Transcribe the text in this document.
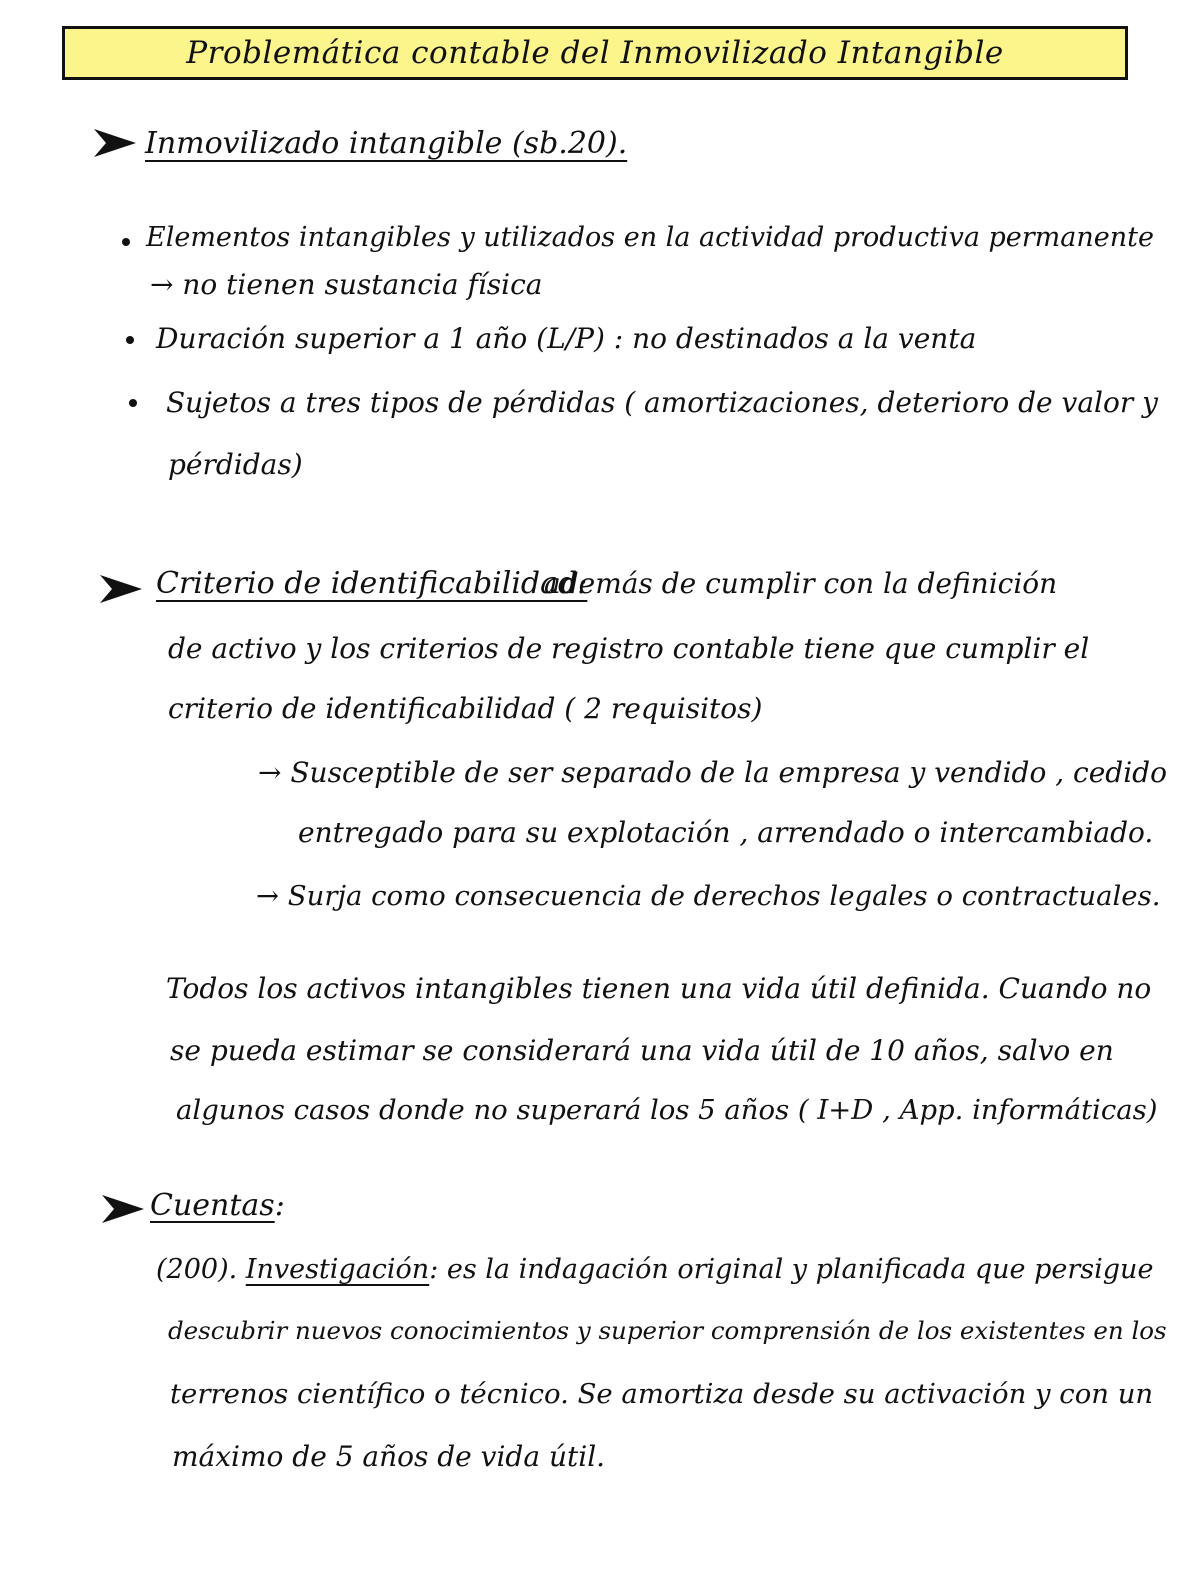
Problemática contable del Inmovilizado Intangible
Inmovilizado intangible (sb.20).
Elementos intangibles y utilizados en la actividad productiva permanente
→ no tienen sustancia física
Duración superior a 1 año (L/P) : no destinados a la venta
Sujetos a tres tipos de pérdidas ( amortizaciones, deterioro de valor y
pérdidas)
Criterio de identificabilidad:
además de cumplir con la definición
de activo y los criterios de registro contable tiene que cumplir el
criterio de identificabilidad ( 2 requisitos)
→ Susceptible de ser separado de la empresa y vendido , cedido
entregado para su explotación , arrendado o intercambiado.
→ Surja como consecuencia de derechos legales o contractuales.
Todos los activos intangibles tienen una vida útil definida. Cuando no
se pueda estimar se considerará una vida útil de 10 años, salvo en
algunos casos donde no superará los 5 años ( I+D , App. informáticas)
Cuentas:
(200). Investigación: es la indagación original y planificada que persigue
descubrir nuevos conocimientos y superior comprensión de los existentes en los
terrenos científico o técnico. Se amortiza desde su activación y con un
máximo de 5 años de vida útil.
